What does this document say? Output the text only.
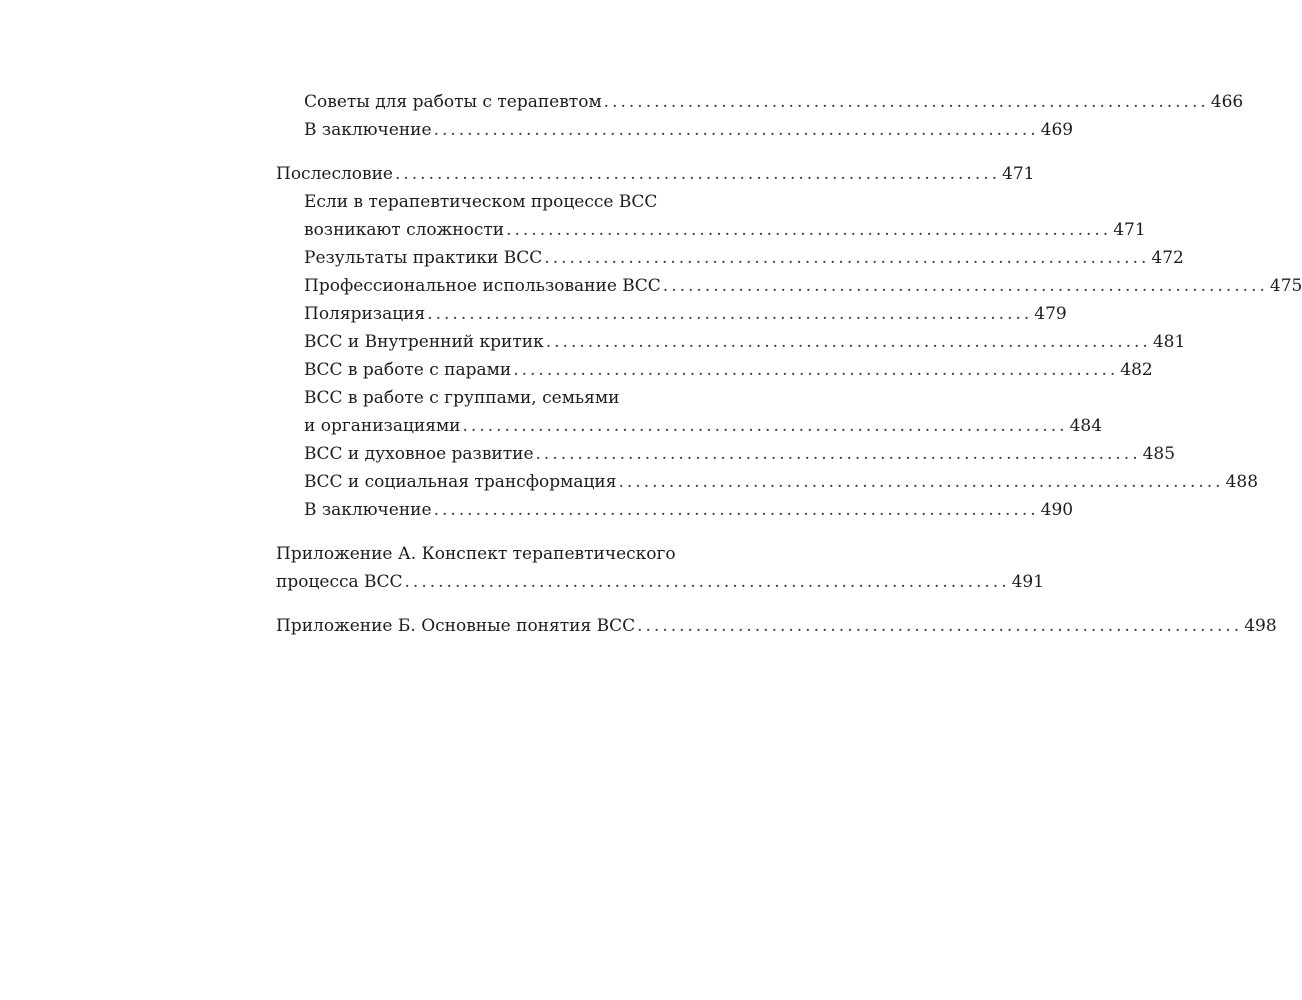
Советы для работы с терапевтом ........................................................................ 466
В заключение ........................................................................ 469
Послесловие ........................................................................ 471
Если в терапевтическом процессе ВСС
возникают сложности ........................................................................ 471
Результаты практики ВСС ........................................................................ 472
Профессиональное использование ВСС ........................................................................ 475
Поляризация ........................................................................ 479
ВСС и Внутренний критик ........................................................................ 481
ВСС в работе с парами ........................................................................ 482
ВСС в работе с группами, семьями
и организациями ........................................................................ 484
ВСС и духовное развитие ........................................................................ 485
ВСС и социальная трансформация ........................................................................ 488
В заключение ........................................................................ 490
Приложение А. Конспект терапевтического
процесса ВСС ........................................................................ 491
Приложение Б. Основные понятия ВСС ........................................................................ 498
